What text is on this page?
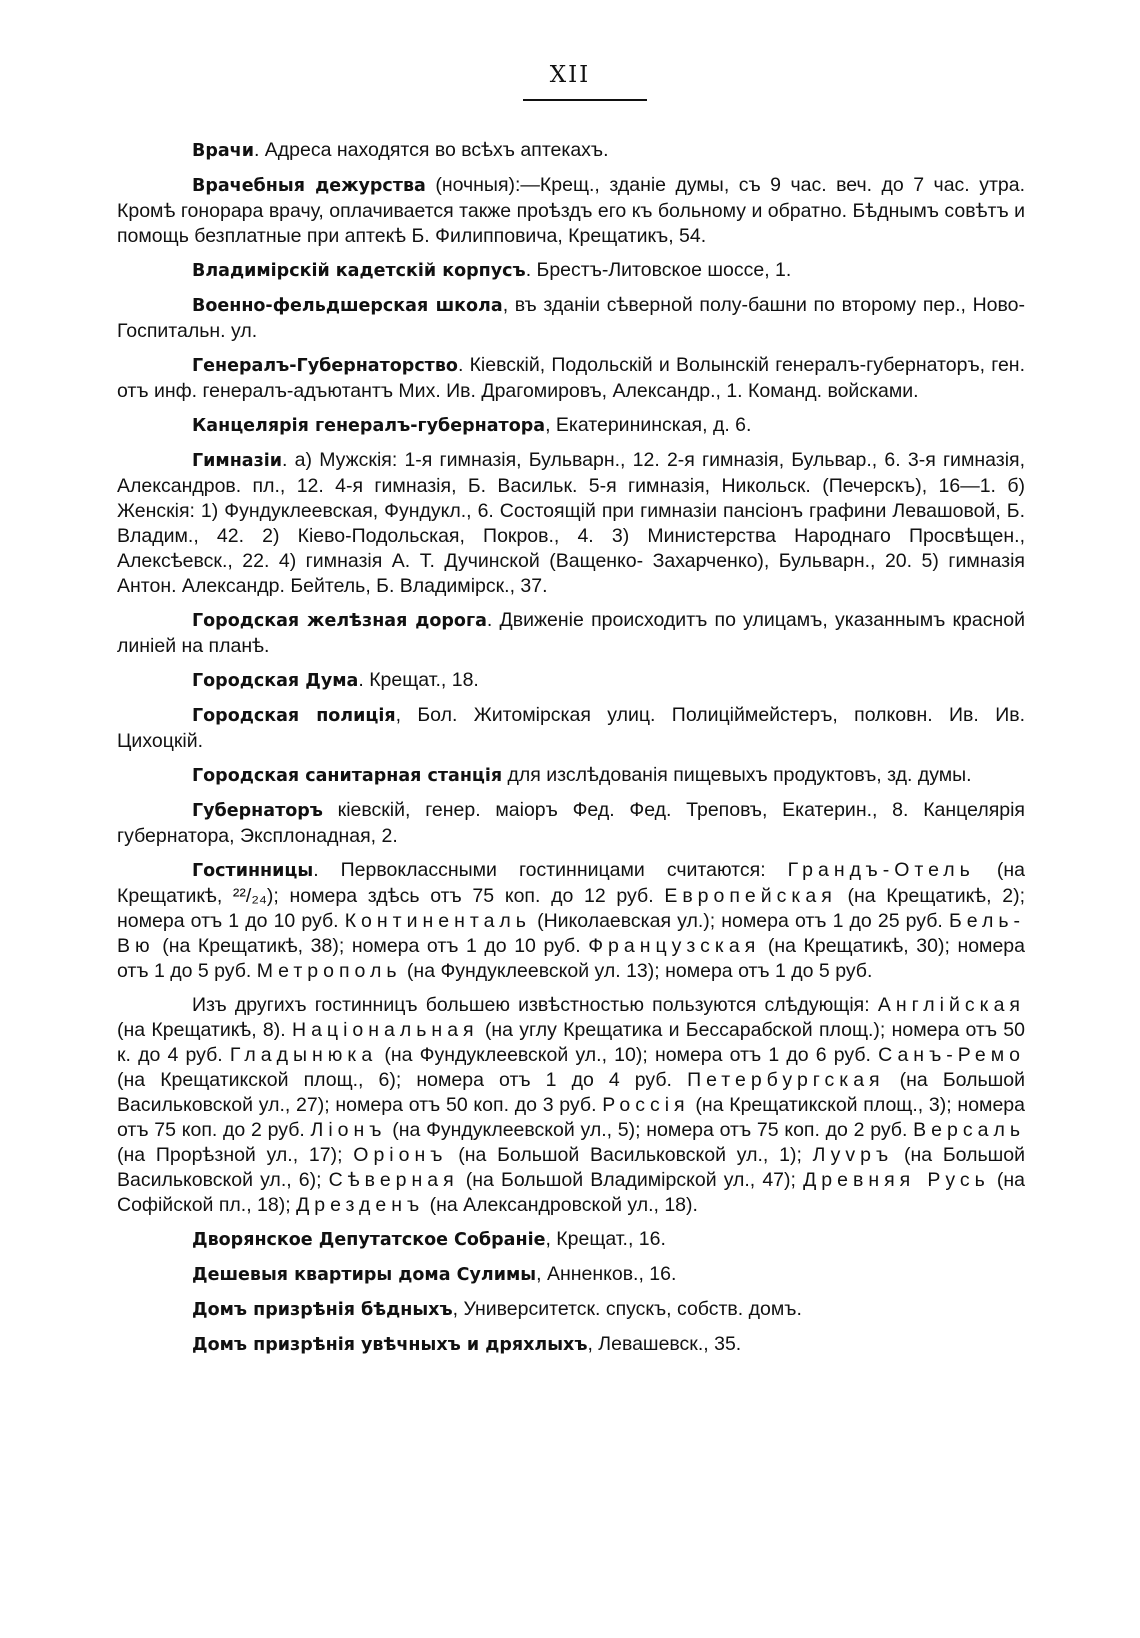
XII

Врачи. Адреса находятся во всѣхъ аптекахъ.

Врачебныя дежурства (ночныя):—Крещ., зданіе думы, съ 9 час. веч. до 7 час. утра. Кромѣ гонорара врачу, оплачивается также проѣздъ его къ больному и обратно. Бѣднымъ совѣтъ и помощь безплатные при аптекѣ Б. Филипповича, Крещатикъ, 54.

Владимірскій кадетскій корпусъ. Брестъ-Литовское шоссе, 1.

Военно-фельдшерская школа, въ зданіи сѣверной полу-башни по второму пер., Ново-Госпитальн. ул.

Генералъ-Губернаторство. Кіевскій, Подольскій и Волынскій генералъ-губернаторъ, ген. отъ инф. генералъ-адъютантъ Мих. Ив. Драгомировъ, Александр., 1. Команд. войсками.

Канцелярія генералъ-губернатора, Екатерининская, д. 6.

Гимназіи. а) Мужскія: 1-я гимназія, Бульварн., 12. 2-я гимназія, Бульвар., 6. 3-я гимназія, Александров. пл., 12. 4-я гимназія, Б. Васильк. 5-я гимназія, Никольск. (Печерскъ), 16—1. б) Женскія: 1) Фундуклеевская, Фундукл., 6. Состоящій при гимназіи пансіонъ графини Левашовой, Б. Владим., 42. 2) Кіево-Подольская, Покров., 4. 3) Министерства Народнаго Просвѣщен., Алексѣевск., 22. 4) гимназія А. Т. Дучинской (Ващенко- Захарченко), Бульварн., 20. 5) гимназія Антон. Александр. Бейтель, Б. Владимірск., 37.

Городская желѣзная дорога. Движеніе происходитъ по улицамъ, указаннымъ красной линіей на планѣ.

Городская Дума. Крещат., 18.

Городская полиція, Бол. Житомірская улиц. Полиціймейстеръ, полковн. Ив. Ив. Цихоцкій.

Городская санитарная станція для изслѣдованія пищевыхъ продуктовъ, зд. думы.

Губернаторъ кіевскій, генер. маіоръ Фед. Фед. Треповъ, Екатерин., 8. Канцелярія губернатора, Эксплонадная, 2.

Гостинницы. Первоклассными гостинницами считаются: Грандъ-Отель (на Крещатикѣ, ²²/₂₄); номера здѣсь отъ 75 коп. до 12 руб. Европейская (на Крещатикѣ, 2); номера отъ 1 до 10 руб. Континенталь (Николаевская ул.); номера отъ 1 до 25 руб. Бель-Вю (на Крещатикѣ, 38); номера отъ 1 до 10 руб. Французская (на Крещатикѣ, 30); номера отъ 1 до 5 руб. Метрополь (на Фундуклеевской ул. 13); номера отъ 1 до 5 руб.

Изъ другихъ гостинницъ большею извѣстностью пользуются слѣдующія: Англійская (на Крещатикѣ, 8). Національная (на углу Крещатика и Бессарабской площ.); номера отъ 50 к. до 4 руб. Гладынюка (на Фундуклеевской ул., 10); номера отъ 1 до 6 руб. Санъ-Ремо (на Крещатикской площ., 6); номера отъ 1 до 4 руб. Петербургская (на Большой Васильковской ул., 27); номера отъ 50 коп. до 3 руб. Россія (на Крещатикской площ., 3); номера отъ 75 коп. до 2 руб. Ліонъ (на Фундуклеевской ул., 5); номера отъ 75 коп. до 2 руб. Версаль (на Прорѣзной ул., 17); Оріонъ (на Большой Васильковской ул., 1); Луvръ (на Большой Васильковской ул., 6); Сѣверная (на Большой Владимірской ул., 47); Древняя Русь (на Софійской пл., 18); Дрезденъ (на Александровской ул., 18).

Дворянское Депутатское Собраніе, Крещат., 16.

Дешевыя квартиры дома Сулимы, Анненков., 16.

Домъ призрѣнія бѣдныхъ, Университетск. спускъ, собств. домъ.

Домъ призрѣнія увѣчныхъ и дряхлыхъ, Левашевск., 35.
